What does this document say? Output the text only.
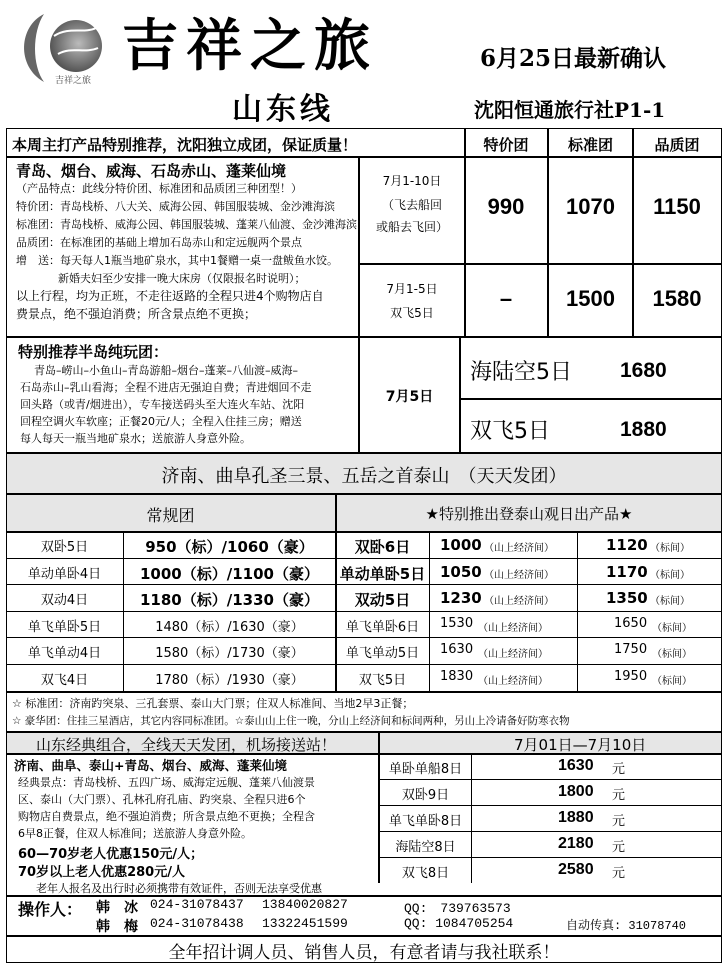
吉祥之旅
吉祥之旅
山东线
6月25日最新确认
沈阳恒通旅行社P1-1
本周主打产品特别推荐，沈阳独立成团，保证质量！	特价团	标准团	品质团
青岛、烟台、威海、石岛赤山、蓬莱仙境
（产品特点：此线分特价团、标准团和品质团三种团型！）
特价团：青岛栈桥、八大关、威海公园、韩国服装城、金沙滩海滨
标准团：青岛栈桥、威海公园、韩国服装城、蓬莱八仙渡、金沙滩海滨
品质团：在标准团的基础上增加石岛赤山和定远舰两个景点
增　送：每天每人1瓶当地矿泉水，其中1餐赠一桌一盘鲅鱼水饺。
新婚夫妇至少安排一晚大床房（仅限报名时说明）；
以上行程，均为正班，不走往返路的全程只进4个购物店自
费景点，绝不强迫消费；所含景点绝不更换；
7月1-10日
（飞去船回
或船去飞回）
990	1070	1150
7月1-5日
双飞5日
–	1500	1580
特别推荐半岛纯玩团：
青岛–崂山–小鱼山–青岛游船–烟台–蓬莱–八仙渡–威海–
石岛赤山–乳山看海；全程不进店无强迫自费；青进烟回不走
回头路（或青/烟进出），专车接送码头至大连火车站、沈阳
回程空调火车软座；正餐20元/人；全程入住挂三房；赠送
每人每天一瓶当地矿泉水；送旅游人身意外险。
7月5日
海陆空5日 1680
双飞5日	1880
济南、曲阜孔圣三景、五岳之首泰山　（天天发团）
常规团	★特别推出登泰山观日出产品★
双卧5日	950（标）/1060（豪）	双卧6日	1000 （山上经济间）	1120 （标间）
单动单卧4日	1000（标）/1100（豪）	单动单卧5日 1050 （山上经济间）	1170 （标间）
双动4日	1180（标）/1330（豪）	双动5日	1230 （山上经济间）	1350 （标间）
单飞单卧5日	1480（标）/1630（豪）	单飞单卧6日	1530 （山上经济间）	1650 （标间）
单飞单动4日	1580（标）/1730（豪）	单飞单动5日	1630 （山上经济间）	1750 （标间）
双飞4日	1780（标）/1930（豪）	双飞5日	1830 （山上经济间）	1950 （标间）
☆ 标准团：济南趵突泉、三孔套票、泰山大门票；住双人标准间、当地2早3正餐；
☆ 豪华团：住挂三星酒店，其它内容同标准团。☆泰山山上住一晚，分山上经济间和标间两种，另山上冷请备好防寒衣物
山东经典组合，全线天天发团，机场接送站！	7月01日—7月10日
单卧单船8日	1630 元
双卧9日	1800 元
单飞单卧8日	1880 元
海陆空8日	2180 元
双飞8日	2580 元
济南、曲阜、泰山+青岛、烟台、威海、蓬莱仙境
经典景点：青岛栈桥、五四广场、威海定远舰、蓬莱八仙渡景
区、泰山（大门票）、孔林孔府孔庙、趵突泉、全程只进6个
购物店自费景点，绝不强迫消费；所含景点绝不更换；全程含
6早8正餐，住双人标准间；送旅游人身意外险。
60—70岁老人优惠150元/人；
70岁以上老人优惠280元/人
老年人报名及出行时必须携带有效证件，否则无法享受优惠
操作人： 韩　冰 024-31078437 13840020827	QQ:　739763573
韩　梅 024-31078438 13322451599	QQ: 1084705254	自动传真: 31078740
全年招计调人员、销售人员，有意者请与我社联系！
